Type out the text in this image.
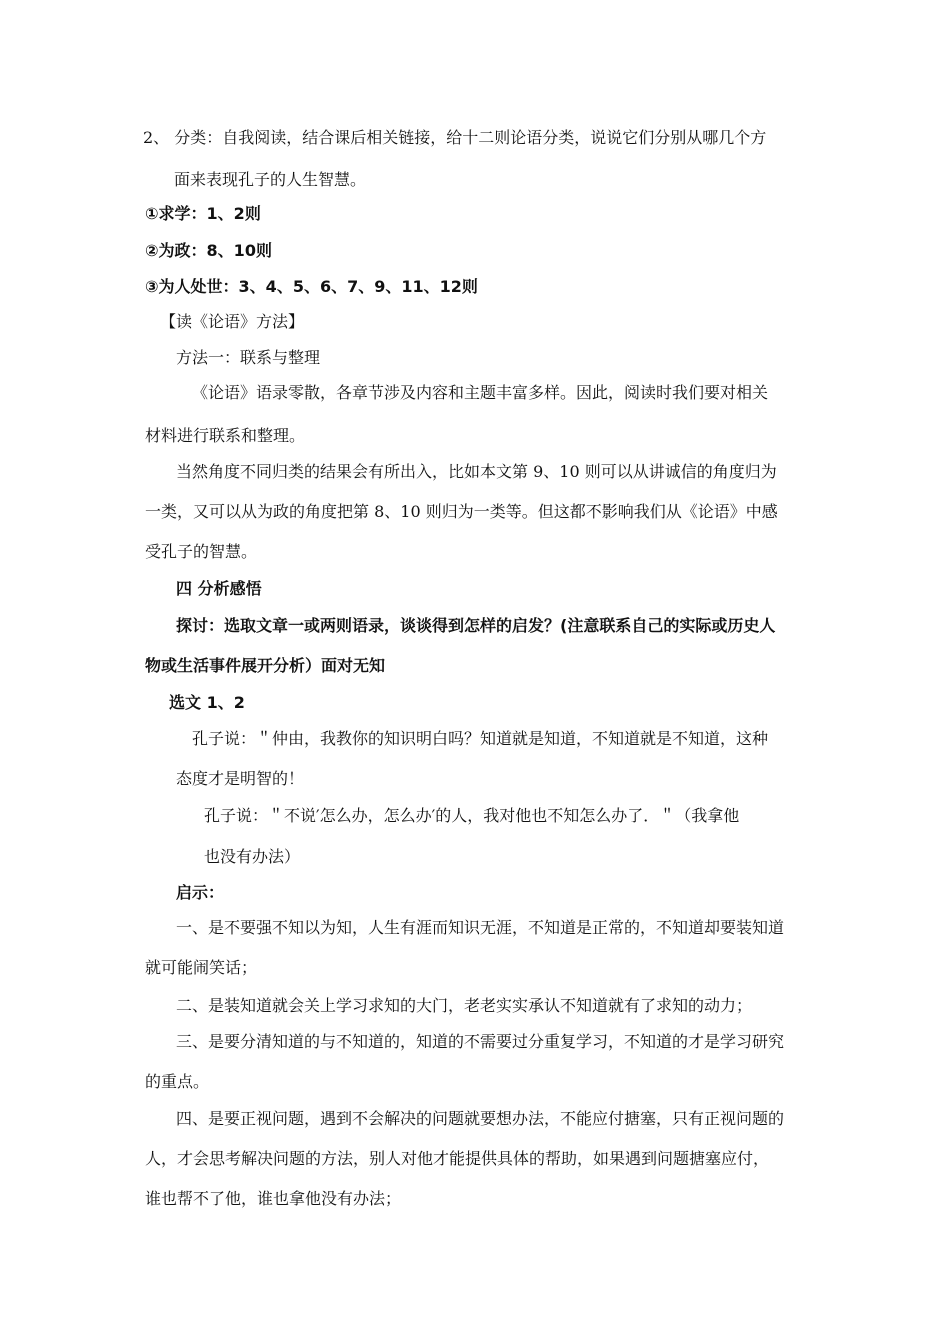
2、 分类：自我阅读，结合课后相关链接，给十二则论语分类，说说它们分别从哪几个方
面来表现孔子的人生智慧。
①求学：1、2则
②为政：8、10则
③为人处世：3、4、5、6、7、9、11、12则
【读《论语》方法】
方法一：联系与整理
《论语》语录零散，各章节涉及内容和主题丰富多样。因此，阅读时我们要对相关
材料进行联系和整理。
当然角度不同归类的结果会有所出入，比如本文第 9、10 则可以从讲诚信的角度归为
一类，又可以从为政的角度把第 8、10 则归为一类等。但这都不影响我们从《论语》中感
受孔子的智慧。
四 分析感悟
探讨：选取文章一或两则语录，谈谈得到怎样的启发？(注意联系自己的实际或历史人
物或生活事件展开分析）面对无知
选文 1、2
孔子说：＂仲由，我教你的知识明白吗？知道就是知道，不知道就是不知道，这种
态度才是明智的！
孔子说：＂不说′怎么办，怎么办′的人，我对他也不知怎么办了．＂（我拿他
也没有办法）
启示：
一、是不要强不知以为知，人生有涯而知识无涯，不知道是正常的，不知道却要装知道
就可能闹笑话；
二、是装知道就会关上学习求知的大门，老老实实承认不知道就有了求知的动力；
三、是要分清知道的与不知道的，知道的不需要过分重复学习，不知道的才是学习研究
的重点。
四、是要正视问题，遇到不会解决的问题就要想办法，不能应付搪塞，只有正视问题的
人，才会思考解决问题的方法，别人对他才能提供具体的帮助，如果遇到问题搪塞应付，
谁也帮不了他，谁也拿他没有办法；
